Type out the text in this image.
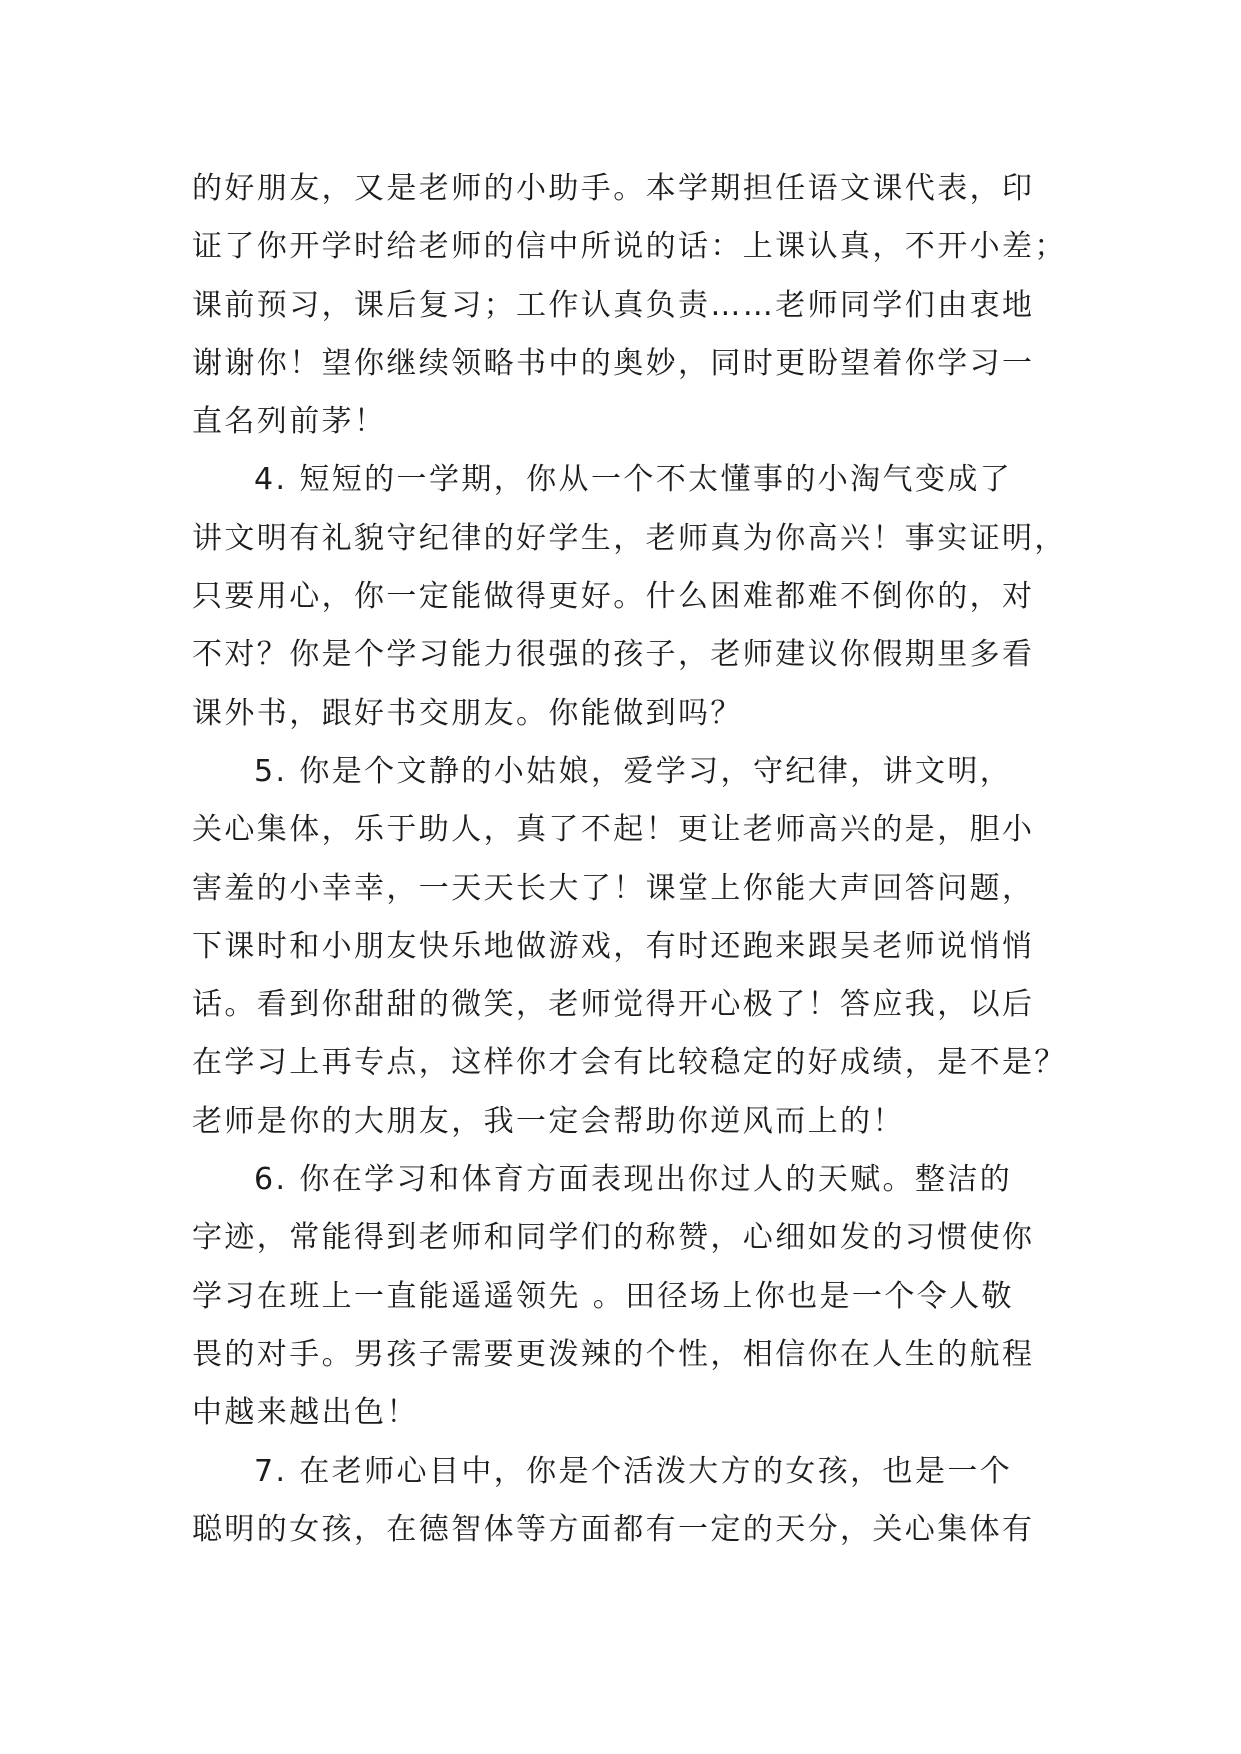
的好朋友，又是老师的小助手。本学期担任语文课代表，印
证了你开学时给老师的信中所说的话：上课认真，不开小差；
课前预习，课后复习；工作认真负责……老师同学们由衷地
谢谢你！望你继续领略书中的奥妙，同时更盼望着你学习一
直名列前茅！
4. 短短的一学期，你从一个不太懂事的小淘气变成了
讲文明有礼貌守纪律的好学生，老师真为你高兴！事实证明，
只要用心，你一定能做得更好。什么困难都难不倒你的，对
不对？你是个学习能力很强的孩子，老师建议你假期里多看
课外书，跟好书交朋友。你能做到吗？
5. 你是个文静的小姑娘，爱学习，守纪律，讲文明，
关心集体，乐于助人，真了不起！更让老师高兴的是，胆小
害羞的小幸幸，一天天长大了！课堂上你能大声回答问题，
下课时和小朋友快乐地做游戏，有时还跑来跟吴老师说悄悄
话。看到你甜甜的微笑，老师觉得开心极了！答应我，以后
在学习上再专点，这样你才会有比较稳定的好成绩，是不是？
老师是你的大朋友，我一定会帮助你逆风而上的！
6. 你在学习和体育方面表现出你过人的天赋。整洁的
字迹，常能得到老师和同学们的称赞，心细如发的习惯使你
学习在班上一直能遥遥领先 。田径场上你也是一个令人敬
畏的对手。男孩子需要更泼辣的个性，相信你在人生的航程
中越来越出色！
7. 在老师心目中，你是个活泼大方的女孩，也是一个
聪明的女孩，在德智体等方面都有一定的天分，关心集体有
